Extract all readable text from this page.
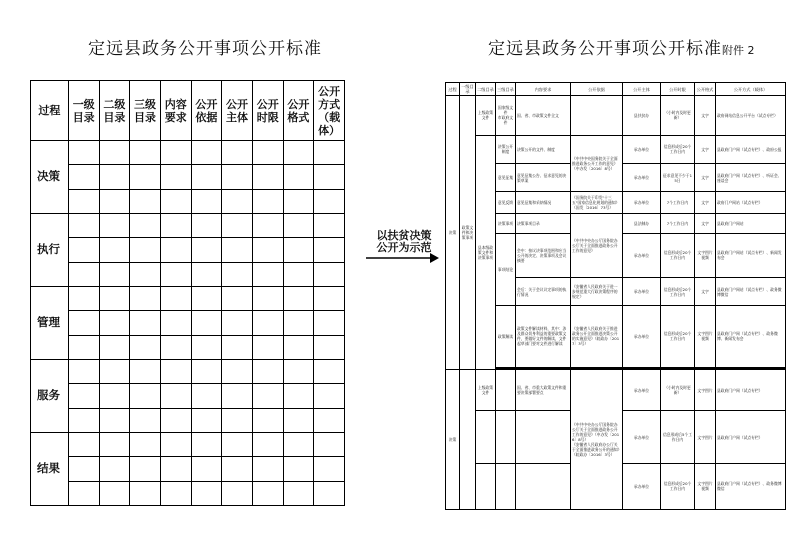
定远县政务公开事项公开标准	定远县政务公开事项公开标准 附件 2
过程	一级目录	二级目录	三级目录	内容要求	公开依据	公开主体	公开时限	公开格式	公开方式（载体）
决策									

执行									

管理									

服务									

结果									

以扶贫决策
公开为示范
过程	一级目录	二级目录	三级目录	内容要求	公开依据	公开主体	公开时限	公开格式	公开方式（载体）
决策	政策文件和决策事项	上级政策文件	国家级文件
市政府文件	国、省、市政策文件全文		县扶贫办	（小时内及时更新）	文字	政府网站信息公开平台（试点专栏）
		县本级政策文件和决策事项	决策公开制度	决策公开的文件、制度	《中共中央国务院关于全面推进政务公开工作的意见》（中办发〔2016〕8号）	承办单位	信息形成后20个工作日内	文字	县政府门户网（试点专栏）、政府公报
			意见征集	意见征集公告、征求意见的决策草案		承办单位	征求意见不少于15日	文字	县政府门户网（试点专栏）、听证会、座谈会
			意见反馈	意见征集和采纳情况	《国务院关于印发"十三五"国家信息化规划的通知》（国发〔2016〕73号）	承办单位	7个工作日内	文字	政府门户网站（试点专栏）
			决策事项	决策事项目录	《中共中央办公厅国务院办公厅关于全面推进政务公开工作的意见》	县法制办	7个工作日内	文字	县政府门户网站
			事项结论	会中：按议决事项范围和应当公开的决定、决策事项及会议摘要		承办单位	信息形成后20个工作日内	文字图片视频	县政府门户网站（试点专栏）、新闻发布会
				会后：关于会议议定事项的执行情况	《安徽省人民政府关于进一步规范重大行政决策程序的规定》	承办单位	信息形成后20个工作日内	文字	县政府门户网站（试点专栏）、政务微博微信
			政策解读	政策文件解读材料，其中：涉及群众切身利益的重要政策文件，要做好文件的解读，文件起草部门要对文件进行解读	《安徽省人民政府关于推进政务公开全面推进决策公开的实施意见》（皖政办〔2017〕3号）	承办单位	信息形成后20个工作日内	文字图片视频	县政府门户网（试点专栏）、政务微博、新闻发布会

决策		上级政策文件		国、省、市重大政策文件和重要决策部署要点	《中共中央办公厅国务院办公厅关于全面推进政务公开工作的意见》（中办发〔2016〕8号）
《安徽省人民政府办公厅关于全面推进政务公开的通知》（皖政办〔2016〕3号）	承办单位	（小时内及时更新）	文字图片	县政府门户网（试点专栏）
						承办单位	信息形成后5个工作日内	文字图片	县政府门户网（试点专栏）
						承办单位	信息形成后20个工作日内	文字图片视频	县政府门户网（试点专栏）、政务微博微信
